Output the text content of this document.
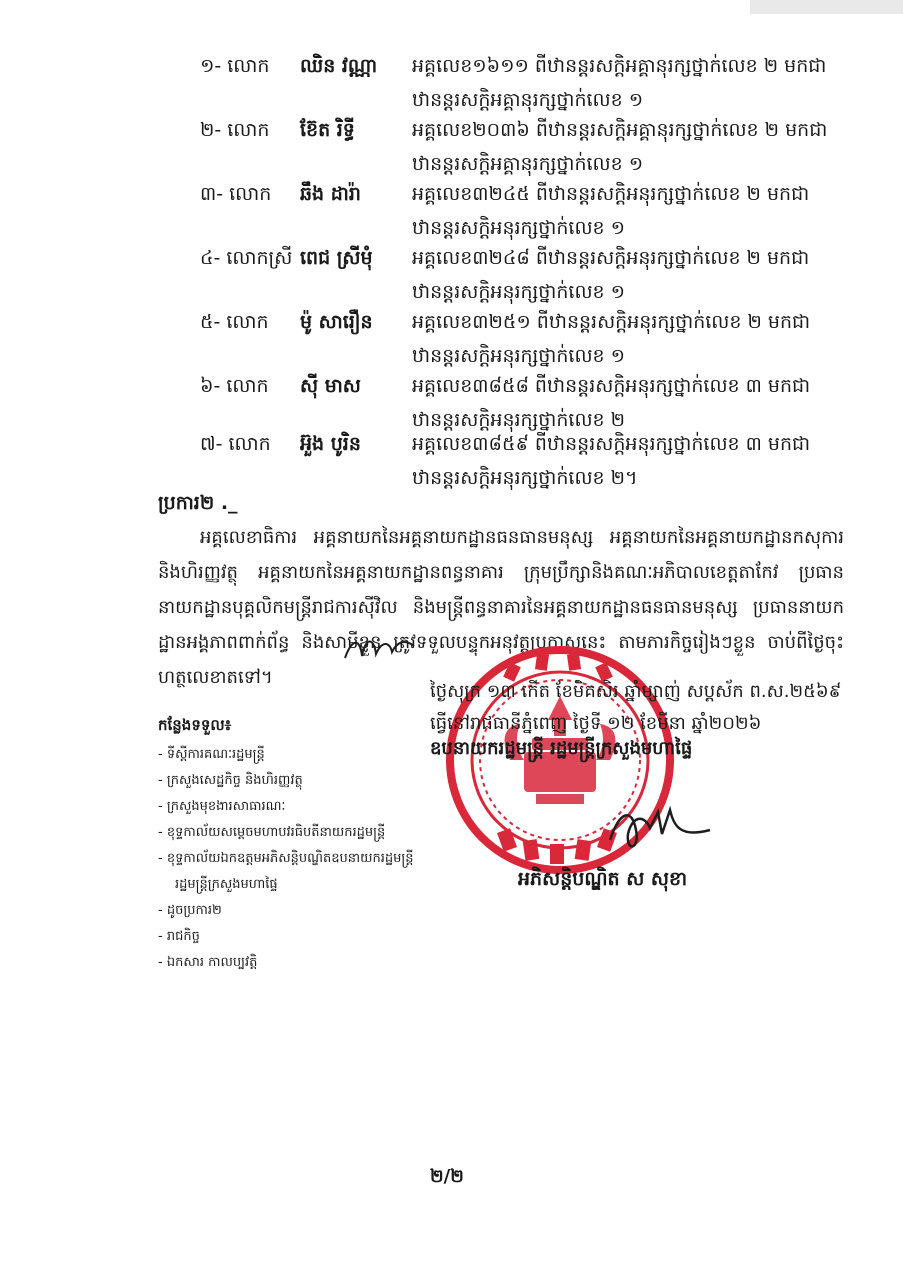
១- លោក ឈិន វណ្ណា អគ្គលេខ១៦១១ ពីឋានន្តរសក្តិអគ្គានុរក្សថ្នាក់លេខ ២ មកជា
ឋានន្តរសក្តិអគ្គានុរក្សថ្នាក់លេខ ១
២- លោក ខ៊ែត រិទ្ធី	អគ្គលេខ២០៣៦ ពីឋានន្តរសក្តិអគ្គានុរក្សថ្នាក់លេខ ២ មកជា
ឋានន្តរសក្តិអគ្គានុរក្សថ្នាក់លេខ ១
៣- លោក ឆឹង ដារ៉ា	អគ្គលេខ៣២៤៥ ពីឋានន្តរសក្តិអនុរក្សថ្នាក់លេខ ២ មកជា
ឋានន្តរសក្តិអនុរក្សថ្នាក់លេខ ១
៤- លោកស្រី ពេជ ស្រីមុំ អគ្គលេខ៣២៤៨ ពីឋានន្តរសក្តិអនុរក្សថ្នាក់លេខ ២ មកជា
ឋានន្តរសក្តិអនុរក្សថ្នាក់លេខ ១
៥- លោក ម៉ូ សារឿន អគ្គលេខ៣២៥១ ពីឋានន្តរសក្តិអនុរក្សថ្នាក់លេខ ២ មកជា
ឋានន្តរសក្តិអនុរក្សថ្នាក់លេខ ១
៦- លោក ស៊ី មាស	អគ្គលេខ៣៨៥៨ ពីឋានន្តរសក្តិអនុរក្សថ្នាក់លេខ ៣ មកជា
ឋានន្តរសក្តិអនុរក្សថ្នាក់លេខ ២
៧- លោក អ៊ួង បូរិន	អគ្គលេខ៣៨៥៩ ពីឋានន្តរសក្តិអនុរក្សថ្នាក់លេខ ៣ មកជា
ឋានន្តរសក្តិអនុរក្សថ្នាក់លេខ ២។
ប្រការ២ ._

អគ្គលេខាធិការ អគ្គនាយកនៃអគ្គនាយកដ្ឋានធនធានមនុស្ស អគ្គនាយកនៃអគ្គនាយកដ្ឋានកសុការនិងហិរញ្ញវត្ថុ អគ្គនាយកនៃអគ្គនាយកដ្ឋានពន្ធនាគារ ក្រុមប្រឹក្សានិងគណៈអភិបាលខេត្តតាកែវ ប្រធាននាយកដ្ឋានបុគ្គលិកមន្ត្រីរាជការស៊ីវិល និងមន្ត្រីពន្ធនាគារនៃអគ្គនាយកដ្ឋានធនធានមនុស្ស ប្រធាននាយកដ្ឋានអង្គភាពពាក់ព័ន្ធ និងសាមីខ្លួន ត្រូវទទួលបន្ទុកអនុវត្តប្រកាសនេះ តាមភារកិច្ចរៀងៗខ្លួន ចាប់ពីថ្ងៃចុះហត្ថលេខាតទៅ។

ថ្ងៃសុក្រ ១៣ កើត ខែមិគសិរ ឆ្នាំម្សាញ់ សប្តស័ក ព.ស.២៥៦៩
ធ្វើនៅរាជធានីភ្នំពេញ ថ្ងៃទី ១២ ខែមីនា ឆ្នាំ២០២៦
ឧបនាយករដ្ឋមន្ត្រី រដ្ឋមន្ត្រីក្រសួងមហាផ្ទៃ
អភិសន្តិបណ្ឌិត ស សុខា
កន្លែងទទួល៖
- ទីស្តីការគណៈរដ្ឋមន្ត្រី
- ក្រសួងសេដ្ឋកិច្ច និងហិរញ្ញវត្ថុ
- ក្រសួងមុខងារសាធារណៈ
- ខុទ្ទកាល័យសម្តេចមហាបវរធិបតីនាយករដ្ឋមន្ត្រី
- ខុទ្ទកាល័យឯកឧត្តមអភិសន្តិបណ្ឌិតឧបនាយករដ្ឋមន្ត្រី
រដ្ឋមន្ត្រីក្រសួងមហាផ្ទៃ
- ដូចប្រការ២
- រាជកិច្ច
- ឯកសារ កាលប្បវត្តិ
២/២
